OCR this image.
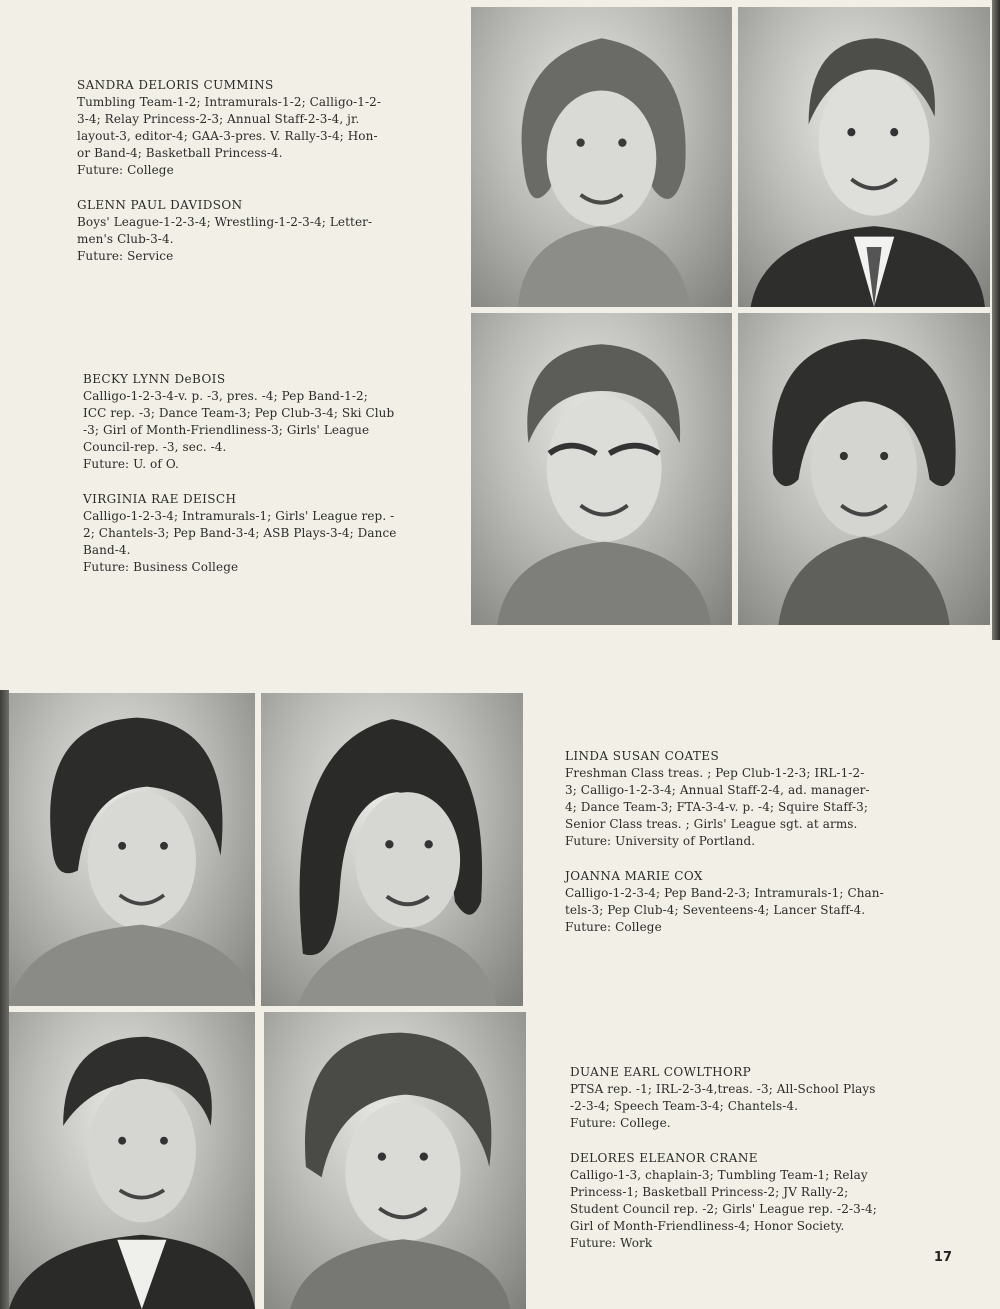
SANDRA DELORIS CUMMINS

Tumbling Team-1-2; Intramurals-1-2; Calligo-1-2-

3-4; Relay Princess-2-3; Annual Staff-2-3-4, jr.

layout-3, editor-4; GAA-3-pres. V. Rally-3-4; Hon-

or Band-4; Basketball Princess-4.

Future: College

GLENN PAUL DAVIDSON

Boys' League-1-2-3-4; Wrestling-1-2-3-4; Letter-

men's Club-3-4.

Future: Service

BECKY LYNN DeBOIS

Calligo-1-2-3-4-v. p. -3, pres. -4; Pep Band-1-2;

ICC rep. -3; Dance Team-3; Pep Club-3-4; Ski Club

-3; Girl of Month-Friendliness-3; Girls' League

Council-rep. -3, sec. -4.

Future: U. of O.

VIRGINIA RAE DEISCH

Calligo-1-2-3-4; Intramurals-1; Girls' League rep. -

2; Chantels-3; Pep Band-3-4; ASB Plays-3-4; Dance

Band-4.

Future: Business College

LINDA SUSAN COATES

Freshman Class treas. ; Pep Club-1-2-3; IRL-1-2-

3; Calligo-1-2-3-4; Annual Staff-2-4, ad. manager-

4; Dance Team-3; FTA-3-4-v. p. -4; Squire Staff-3;

Senior Class treas. ; Girls' League sgt. at arms.

Future: University of Portland.

JOANNA MARIE COX

Calligo-1-2-3-4; Pep Band-2-3; Intramurals-1; Chan-

tels-3; Pep Club-4; Seventeens-4; Lancer Staff-4.

Future: College

DUANE EARL COWLTHORP

PTSA rep. -1; IRL-2-3-4,treas. -3; All-School Plays

-2-3-4; Speech Team-3-4; Chantels-4.

Future: College.

DELORES ELEANOR CRANE

Calligo-1-3, chaplain-3; Tumbling Team-1; Relay

Princess-1; Basketball Princess-2; JV Rally-2;

Student Council rep. -2; Girls' League rep. -2-3-4;

Girl of Month-Friendliness-4; Honor Society.

Future: Work

17
